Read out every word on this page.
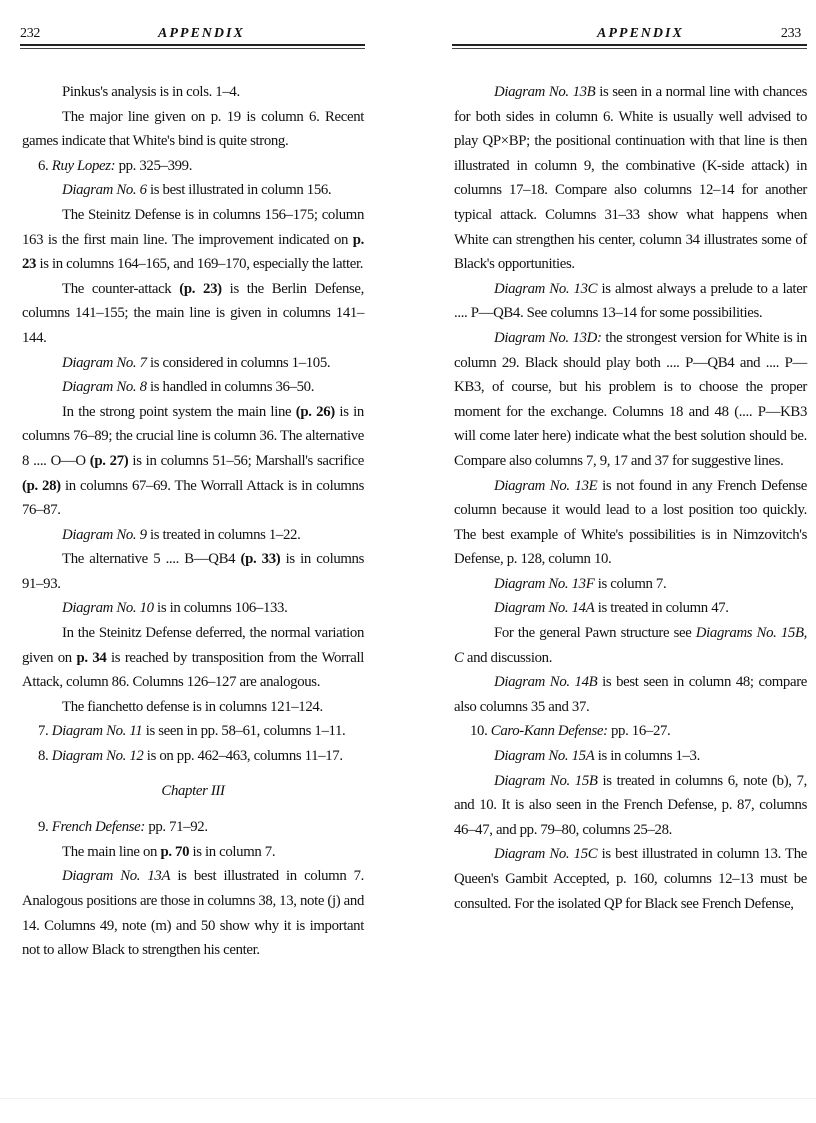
232	APPENDIX

Pinkus's analysis is in cols. 1–4.

The major line given on p. 19 is column 6. Recent games indicate that White's bind is quite strong.

6. Ruy Lopez: pp. 325–399.

Diagram No. 6 is best illustrated in column 156.

The Steinitz Defense is in columns 156–175; column 163 is the first main line. The improvement indicated on p. 23 is in columns 164–165, and 169–170, especially the latter.

The counter-attack (p. 23) is the Berlin Defense, columns 141–155; the main line is given in columns 141–144.

Diagram No. 7 is considered in columns 1–105.

Diagram No. 8 is handled in columns 36–50.

In the strong point system the main line (p. 26) is in columns 76–89; the crucial line is column 36. The alternative 8 .... O—O (p. 27) is in columns 51–56; Marshall's sacrifice (p. 28) in columns 67–69. The Worrall Attack is in columns 76–87.

Diagram No. 9 is treated in columns 1–22.

The alternative 5 .... B—QB4 (p. 33) is in columns 91–93.

Diagram No. 10 is in columns 106–133.

In the Steinitz Defense deferred, the normal variation given on p. 34 is reached by transposition from the Worrall Attack, column 86. Columns 126–127 are analogous.

The fianchetto defense is in columns 121–124.

7. Diagram No. 11 is seen in pp. 58–61, columns 1–11.

8. Diagram No. 12 is on pp. 462–463, columns 11–17.

Chapter III

9. French Defense: pp. 71–92.

The main line on p. 70 is in column 7.

Diagram No. 13A is best illustrated in column 7. Analogous positions are those in columns 38, 13, note (j) and 14. Columns 49, note (m) and 50 show why it is important not to allow Black to strengthen his center.

APPENDIX	233

Diagram No. 13B is seen in a normal line with chances for both sides in column 6. White is usually well advised to play QP×BP; the positional continuation with that line is then illustrated in column 9, the combinative (K-side attack) in columns 17–18. Compare also columns 12–14 for another typical attack. Columns 31–33 show what happens when White can strengthen his center, column 34 illustrates some of Black's opportunities.

Diagram No. 13C is almost always a prelude to a later .... P—QB4. See columns 13–14 for some possibilities.

Diagram No. 13D: the strongest version for White is in column 29. Black should play both .... P—QB4 and .... P—KB3, of course, but his problem is to choose the proper moment for the exchange. Columns 18 and 48 (.... P—KB3 will come later here) indicate what the best solution should be. Compare also columns 7, 9, 17 and 37 for suggestive lines.

Diagram No. 13E is not found in any French Defense column because it would lead to a lost position too quickly. The best example of White's possibilities is in Nimzovitch's Defense, p. 128, column 10.

Diagram No. 13F is column 7.

Diagram No. 14A is treated in column 47.

For the general Pawn structure see Diagrams No. 15B, C and discussion.

Diagram No. 14B is best seen in column 48; compare also columns 35 and 37.

10. Caro-Kann Defense: pp. 16–27.

Diagram No. 15A is in columns 1–3.

Diagram No. 15B is treated in columns 6, note (b), 7, and 10. It is also seen in the French Defense, p. 87, columns 46–47, and pp. 79–80, columns 25–28.

Diagram No. 15C is best illustrated in column 13. The Queen's Gambit Accepted, p. 160, columns 12–13 must be consulted. For the isolated QP for Black see French Defense,
